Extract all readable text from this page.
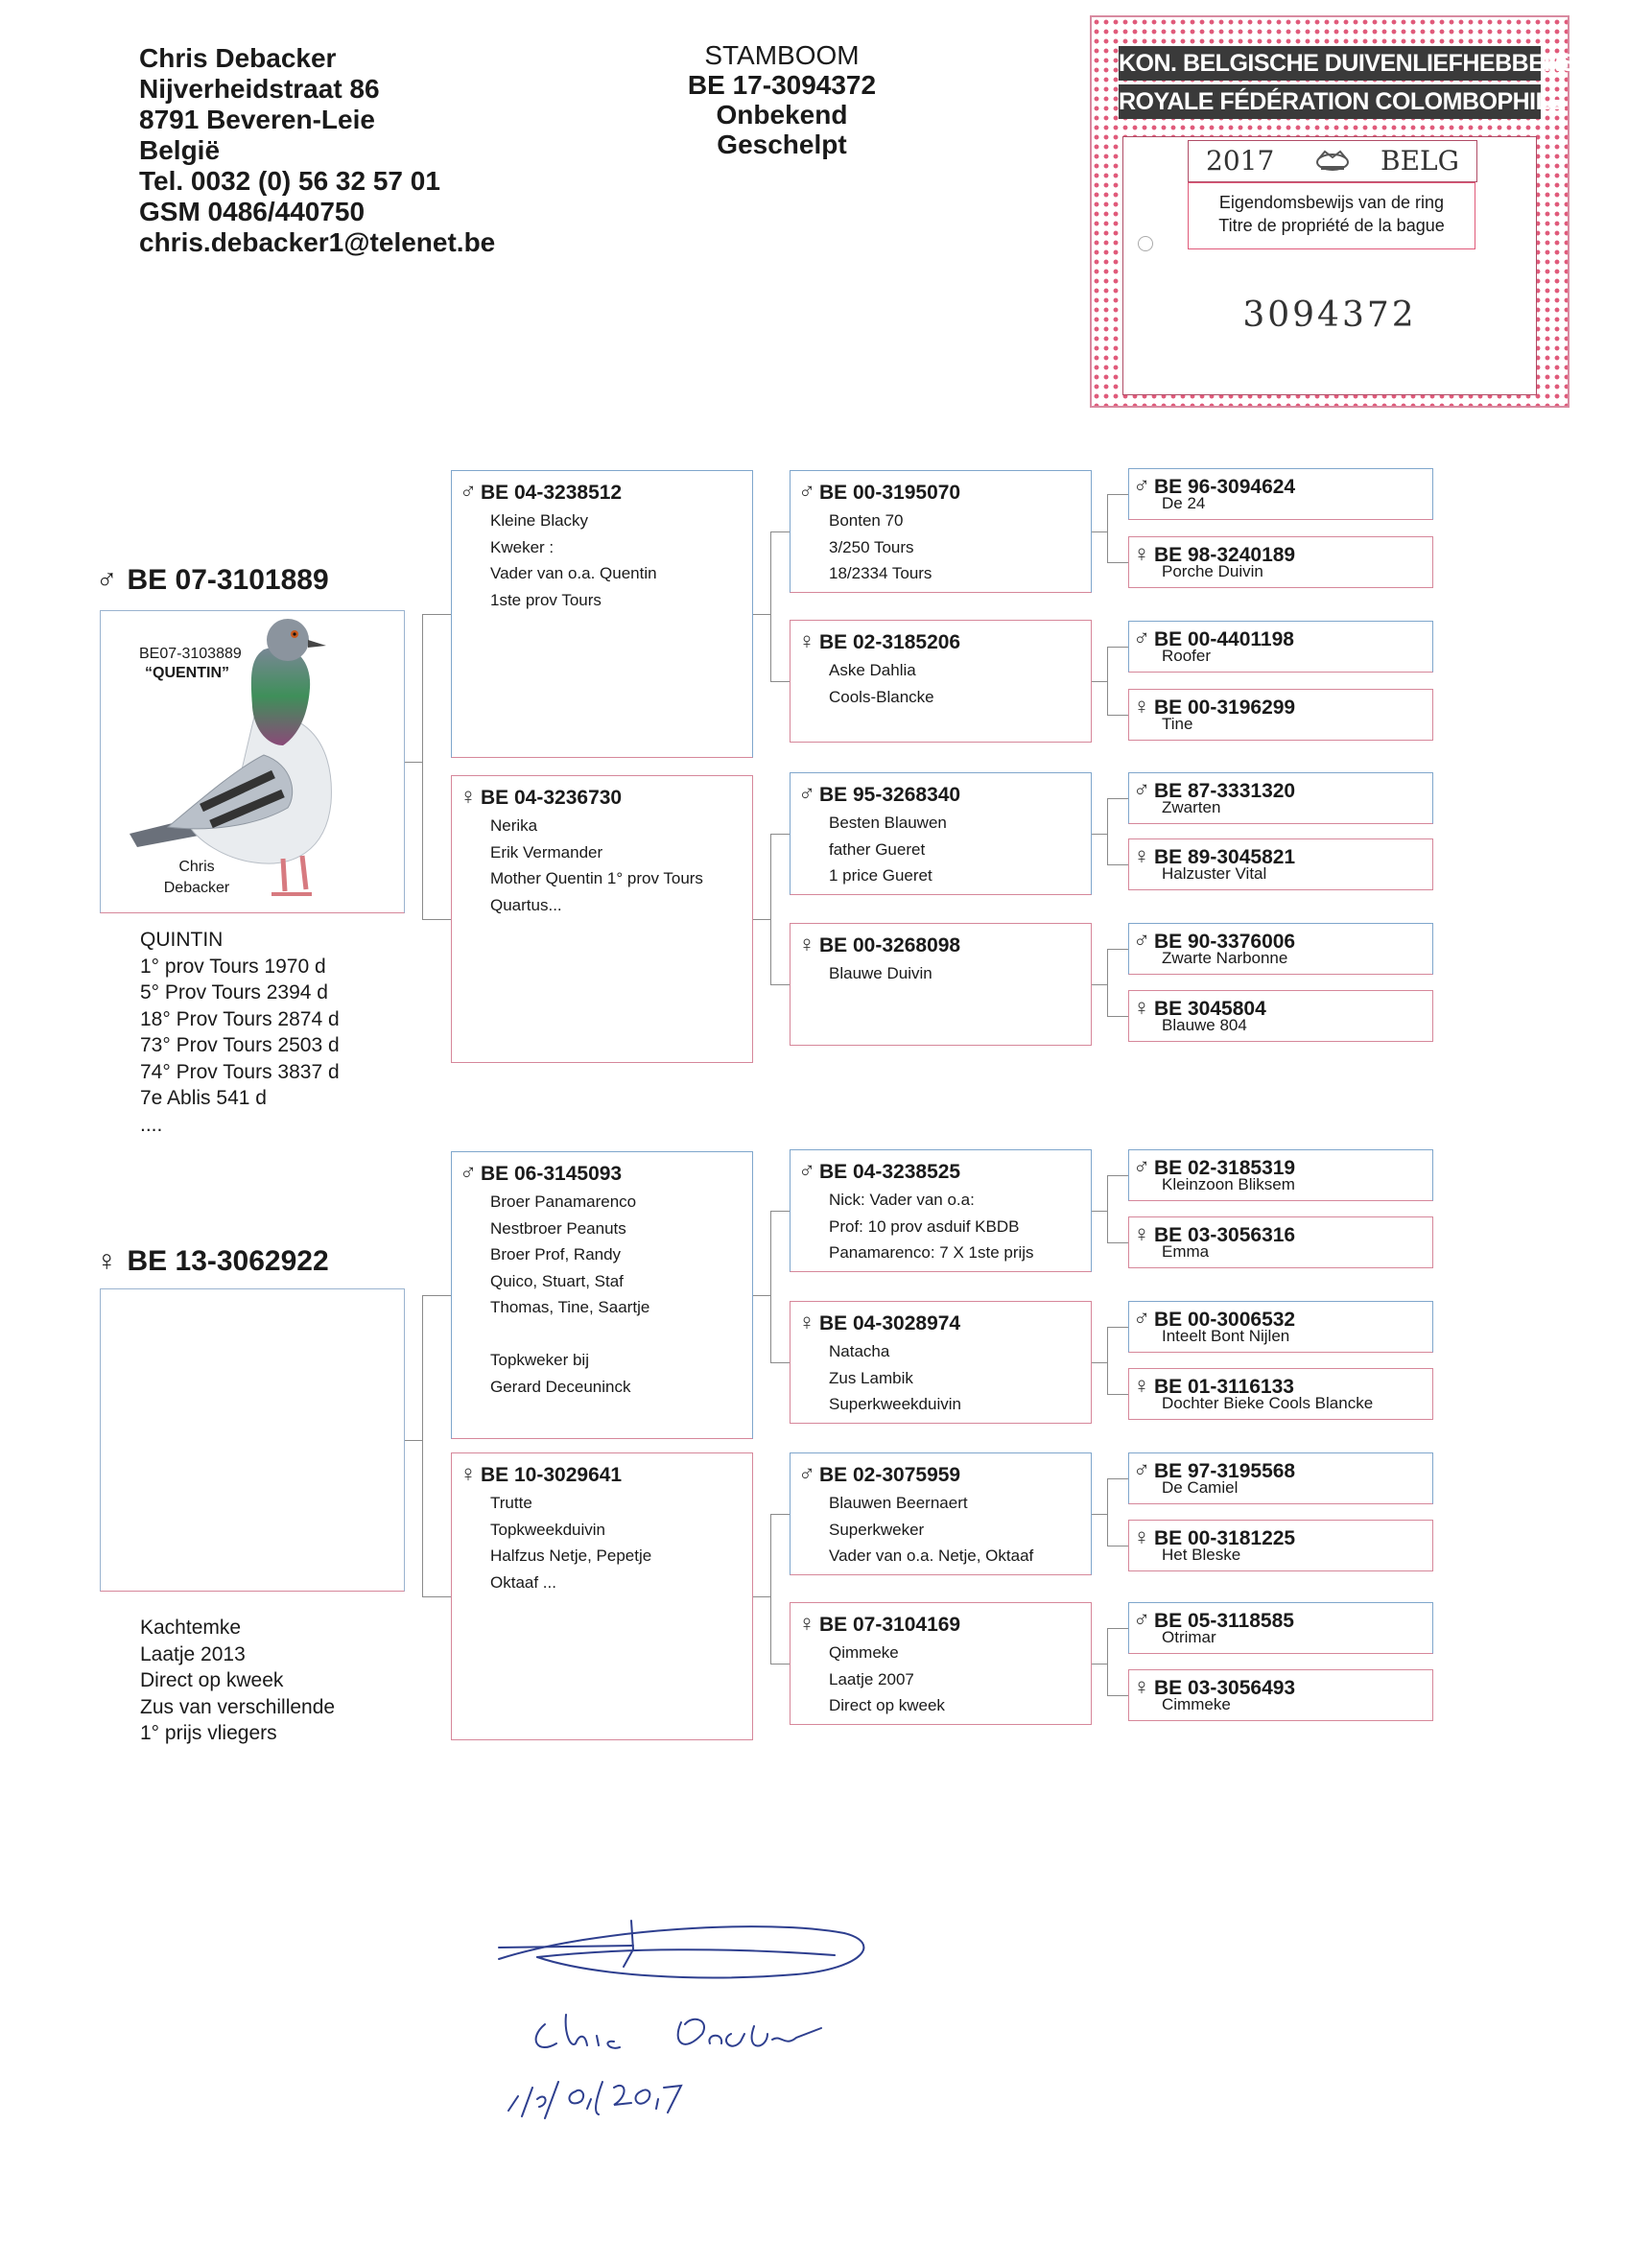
Chris Debacker
Nijverheidstraat 86
8791 Beveren-Leie
België
Tel. 0032 (0) 56 32 57 01
GSM 0486/440750
chris.debacker1@telenet.be
STAMBOOM
BE 17-3094372
Onbekend
Geschelpt
KON. BELGISCHE DUIVENLIEFHEBBERSBOND
ROYALE FÉDÉRATION COLOMBOPHILE BELGE
2017	BELG
Eigendomsbewijs van de ring
Titre de propriété de la bague
3094372
♂ BE 07-3101889
BE07-3103889
“QUENTIN”
Chris
Debacker
QUINTIN
1° prov Tours 1970 d
5° Prov Tours 2394 d
18° Prov Tours 2874 d
73° Prov Tours 2503 d
74° Prov Tours 3837 d
7e Ablis 541 d
....
♀ BE 13-3062922
Kachtemke
Laatje 2013
Direct op kweek
Zus van verschillende
1° prijs vliegers
♂ BE 04-3238512
Kleine Blacky
Kweker :
Vader van o.a. Quentin
1ste prov Tours
♀ BE 04-3236730
Nerika
Erik Vermander
Mother Quentin 1° prov Tours
Quartus...
♂ BE 06-3145093
Broer Panamarenco
Nestbroer Peanuts
Broer Prof, Randy
Quico, Stuart, Staf
Thomas, Tine, Saartje

Topkweker bij
Gerard Deceuninck
♀ BE 10-3029641
Trutte
Topkweekduivin
Halfzus Netje, Pepetje
Oktaaf ...
♂ BE 00-3195070
Bonten 70
3/250 Tours
18/2334 Tours
♀ BE 02-3185206
Aske Dahlia
Cools-Blancke
♂ BE 95-3268340
Besten Blauwen
father Gueret
1 price Gueret
♀ BE 00-3268098
Blauwe Duivin
♂ BE 04-3238525
Nick: Vader van o.a:
Prof: 10 prov asduif KBDB
Panamarenco: 7 X 1ste prijs
♀ BE 04-3028974
Natacha
Zus Lambik
Superkweekduivin
♂ BE 02-3075959
Blauwen Beernaert
Superkweker
Vader van o.a. Netje, Oktaaf
♀ BE 07-3104169
Qimmeke
Laatje 2007
Direct op kweek
♂ BE 96-3094624
De 24
♀ BE 98-3240189
Porche Duivin
♂ BE 00-4401198
Roofer
♀ BE 00-3196299
Tine
♂ BE 87-3331320
Zwarten
♀ BE 89-3045821
Halzuster Vital
♂ BE 90-3376006
Zwarte Narbonne
♀ BE 3045804
Blauwe 804
♂ BE 02-3185319
Kleinzoon Bliksem
♀ BE 03-3056316
Emma
♂ BE 00-3006532
Inteelt Bont Nijlen
♀ BE 01-3116133
Dochter Bieke Cools Blancke
♂ BE 97-3195568
De Camiel
♀ BE 00-3181225
Het Bleske
♂ BE 05-3118585
Otrimar
♀ BE 03-3056493
Cimmeke
